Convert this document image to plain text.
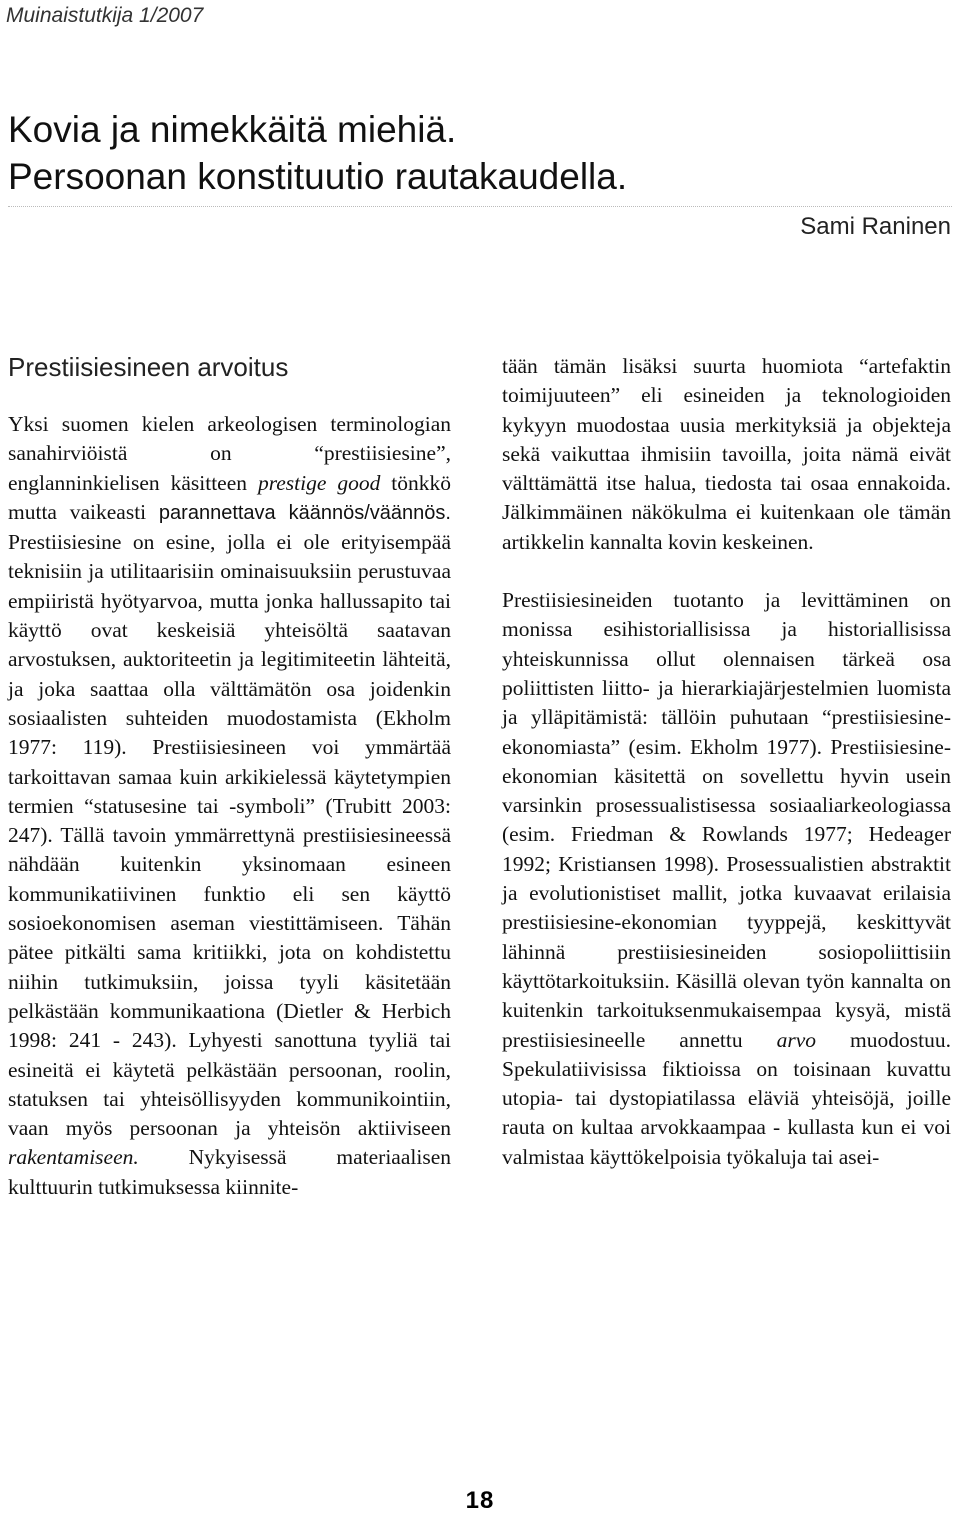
Muinaistutkija 1/2007
Kovia ja nimekkäitä miehiä.
Persoonan konstituutio rautakaudella.
Sami Raninen
Prestiisiesineen arvoitus

Yksi suomen kielen arkeologisen terminologian sanahirviöistä on “prestiisiesine”, englanninkielisen käsitteen prestige good tönkkö mutta vaikeasti parannettava käännös/väännös. Prestiisiesine on esine, jolla ei ole erityisempää teknisiin ja utilitaarisiin ominaisuuksiin perustuvaa empiiristä hyötyarvoa, mutta jonka hallussapito tai käyttö ovat keskeisiä yhteisöltä saatavan arvostuksen, auktoriteetin ja legitimiteetin lähteitä, ja joka saattaa olla välttämätön osa joidenkin sosiaalisten suhteiden muodostamista (Ekholm 1977: 119). Prestiisiesineen voi ymmärtää tarkoittavan samaa kuin arkikielessä käytetympien termien “statusesine tai -symboli” (Trubitt 2003: 247). Tällä tavoin ymmärrettynä prestiisiesineessä nähdään kuitenkin yksinomaan esineen kommunikatiivinen funktio eli sen käyttö sosioekonomisen aseman viestittämiseen. Tähän pätee pitkälti sama kritiikki, jota on kohdistettu niihin tutkimuksiin, joissa tyyli käsitetään pelkästään kommunikaationa (Dietler & Herbich 1998: 241 - 243). Lyhyesti sanottuna tyyliä tai esineitä ei käytetä pelkästään persoonan, roolin, statuksen tai yhteisöllisyyden kommunikointiin, vaan myös persoonan ja yhteisön aktiiviseen rakentamiseen. Nykyisessä materiaalisen kulttuurin tutkimuksessa kiinnite-

tään tämän lisäksi suurta huomiota “artefaktin toimijuuteen” eli esineiden ja teknologioiden kykyyn muodostaa uusia merkityksiä ja objekteja sekä vaikuttaa ihmisiin tavoilla, joita nämä eivät välttämättä itse halua, tiedosta tai osaa ennakoida. Jälkimmäinen näkökulma ei kuitenkaan ole tämän artikkelin kannalta kovin keskeinen.

Prestiisiesineiden tuotanto ja levittäminen on monissa esihistoriallisissa ja historiallisissa yhteiskunnissa ollut olennaisen tärkeä osa poliittisten liitto- ja hierarkiajärjestelmien luomista ja ylläpitämistä: tällöin puhutaan “prestiisiesine-ekonomiasta” (esim. Ekholm 1977). Prestiisiesine-ekonomian käsitettä on sovellettu hyvin usein varsinkin prosessualistisessa sosiaaliarkeologiassa (esim. Friedman & Rowlands 1977; Hedeager 1992; Kristiansen 1998). Prosessualistien abstraktit ja evolutionistiset mallit, jotka kuvaavat erilaisia prestiisiesine-ekonomian tyyppejä, keskittyvät lähinnä prestiisiesineiden sosiopoliittisiin käyttötarkoituksiin. Käsillä olevan työn kannalta on kuitenkin tarkoituksenmukaisempaa kysyä, mistä prestiisiesineelle annettu arvo muodostuu. Spekulatiivisissa fiktioissa on toisinaan kuvattu utopia- tai dystopiatilassa eläviä yhteisöjä, joille rauta on kultaa arvokkaampaa - kullasta kun ei voi valmistaa käyttökelpoisia työkaluja tai asei-

18
